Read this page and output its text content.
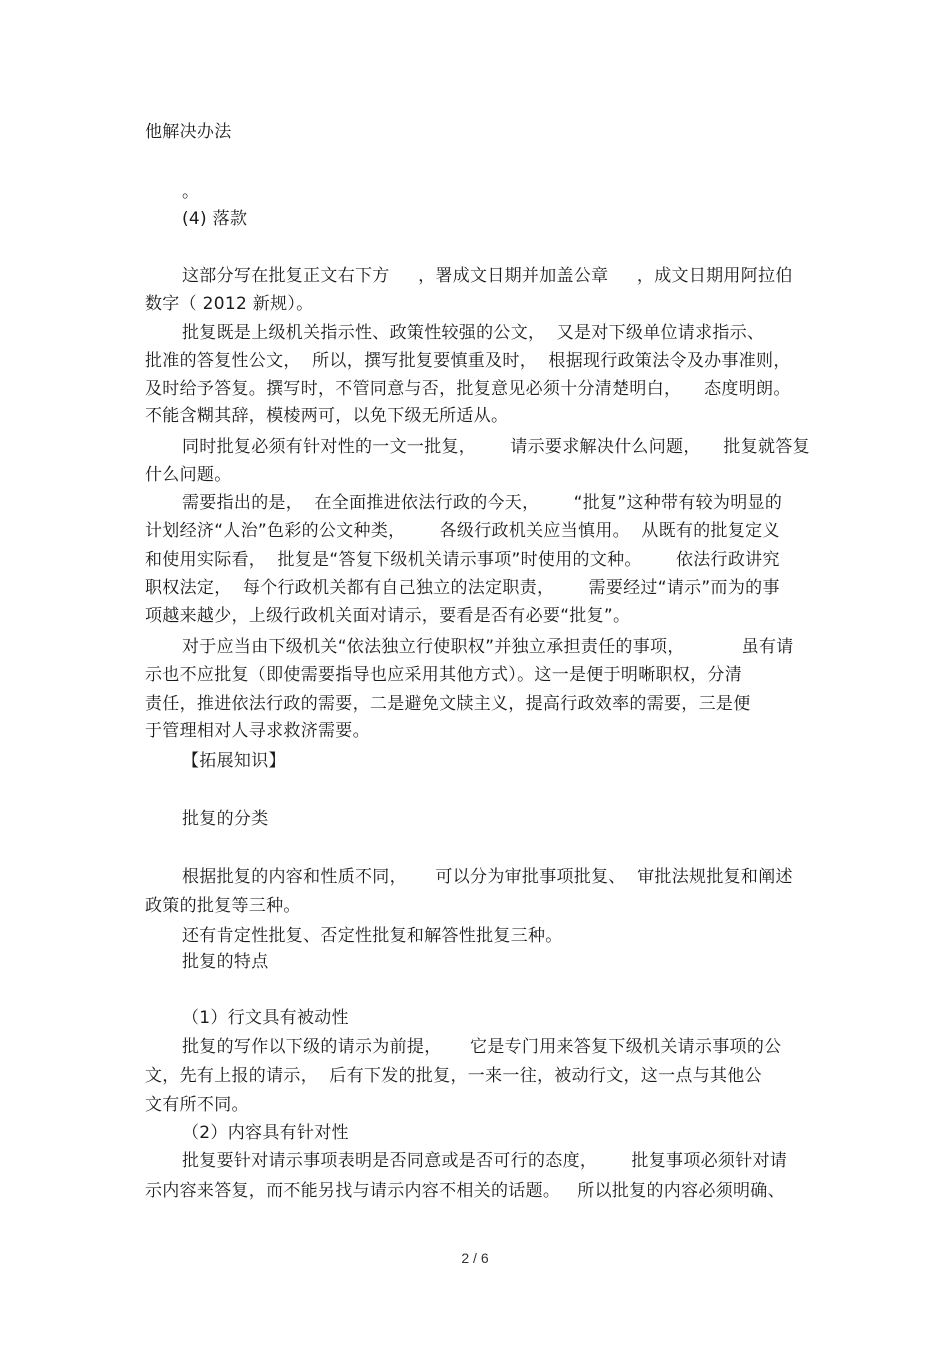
他解决办法
。
(4) 落款
这部分写在批复正文右下方     ，署成文日期并加盖公章     ，成文日期用阿拉伯
数字（ 2012 新规）。
批复既是上级机关指示性、政策性较强的公文，  又是对下级单位请求指示、
批准的答复性公文，  所以，撰写批复要慎重及时，  根据现行政策法令及办事准则，
及时给予答复。撰写时，不管同意与否，批复意见必须十分清楚明白，    态度明朗。
不能含糊其辞，模棱两可，以免下级无所适从。
同时批复必须有针对性的一文一批复，      请示要求解决什么问题，    批复就答复
什么问题。
需要指出的是，  在全面推进依法行政的今天，      “批复”这种带有较为明显的
计划经济“人治”色彩的公文种类，      各级行政机关应当慎用。  从既有的批复定义
和使用实际看，  批复是“答复下级机关请示事项”时使用的文种。      依法行政讲究
职权法定，  每个行政机关都有自己独立的法定职责，      需要经过“请示”而为的事
项越来越少，上级行政机关面对请示，要看是否有必要“批复”。
对于应当由下级机关“依法独立行使职权”并独立承担责任的事项，          虽有请
示也不应批复（即使需要指导也应采用其他方式）。这一是便于明晰职权，分清
责任，推进依法行政的需要，二是避免文牍主义，提高行政效率的需要，三是便
于管理相对人寻求救济需要。
【拓展知识】
批复的分类
根据批复的内容和性质不同，     可以分为审批事项批复、  审批法规批复和阐述
政策的批复等三种。
还有肯定性批复、否定性批复和解答性批复三种。
批复的特点
（1）行文具有被动性
批复的写作以下级的请示为前提，     它是专门用来答复下级机关请示事项的公
文，先有上报的请示，  后有下发的批复，一来一往，被动行文，这一点与其他公
文有所不同。
（2）内容具有针对性
批复要针对请示事项表明是否同意或是否可行的态度，      批复事项必须针对请
示内容来答复，而不能另找与请示内容不相关的话题。   所以批复的内容必须明确、
2 / 6
